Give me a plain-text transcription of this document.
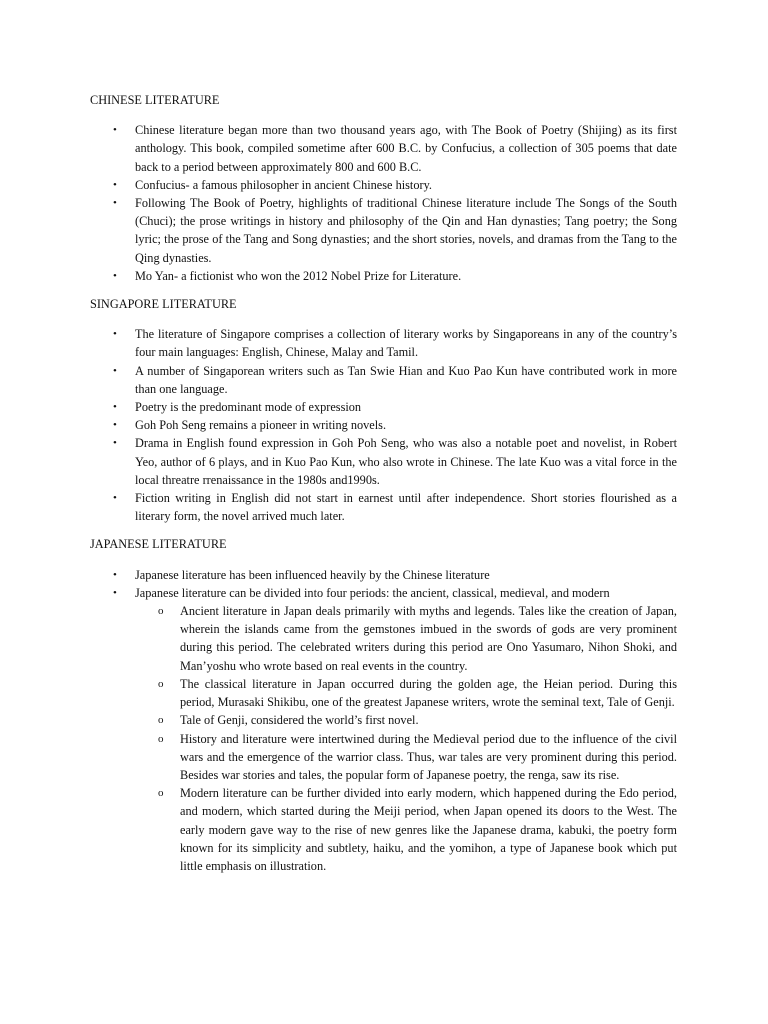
CHINESE LITERATURE
• Chinese literature began more than two thousand years ago, with The Book of Poetry (Shijing) as its first anthology. This book, compiled sometime after 600 B.C. by Confucius, a collection of 305 poems that date back to a period between approximately 800 and 600 B.C.
• Confucius- a famous philosopher in ancient Chinese history.
• Following The Book of Poetry, highlights of traditional Chinese literature include The Songs of the South (Chuci); the prose writings in history and philosophy of the Qin and Han dynasties; Tang poetry; the Song lyric; the prose of the Tang and Song dynasties; and the short stories, novels, and dramas from the Tang to the Qing dynasties.
• Mo Yan- a fictionist who won the 2012 Nobel Prize for Literature.
SINGAPORE LITERATURE
• The literature of Singapore comprises a collection of literary works by Singaporeans in any of the country’s four main languages: English, Chinese, Malay and Tamil.
• A number of Singaporean writers such as Tan Swie Hian and Kuo Pao Kun have contributed work in more than one language.
• Poetry is the predominant mode of expression
• Goh Poh Seng remains a pioneer in writing novels.
• Drama in English found expression in Goh Poh Seng, who was also a notable poet and novelist, in Robert Yeo, author of 6 plays, and in Kuo Pao Kun, who also wrote in Chinese. The late Kuo was a vital force in the local threatre rrenaissance in the 1980s and1990s.
• Fiction writing in English did not start in earnest until after independence. Short stories flourished as a literary form, the novel arrived much later.
JAPANESE LITERATURE
• Japanese literature has been influenced heavily by the Chinese literature
• Japanese literature can be divided into four periods: the ancient, classical, medieval, and modern
o Ancient literature in Japan deals primarily with myths and legends. Tales like the creation of Japan, wherein the islands came from the gemstones imbued in the swords of gods are very prominent during this period. The celebrated writers during this period are Ono Yasumaro, Nihon Shoki, and Man’yoshu who wrote based on real events in the country.
o The classical literature in Japan occurred during the golden age, the Heian period. During this period, Murasaki Shikibu, one of the greatest Japanese writers, wrote the seminal text, Tale of Genji.
o Tale of Genji, considered the world’s first novel.
o History and literature were intertwined during the Medieval period due to the influence of the civil wars and the emergence of the warrior class. Thus, war tales are very prominent during this period. Besides war stories and tales, the popular form of Japanese poetry, the renga, saw its rise.
o Modern literature can be further divided into early modern, which happened during the Edo period, and modern, which started during the Meiji period, when Japan opened its doors to the West. The early modern gave way to the rise of new genres like the Japanese drama, kabuki, the poetry form known for its simplicity and subtlety, haiku, and the yomihon, a type of Japanese book which put little emphasis on illustration.
